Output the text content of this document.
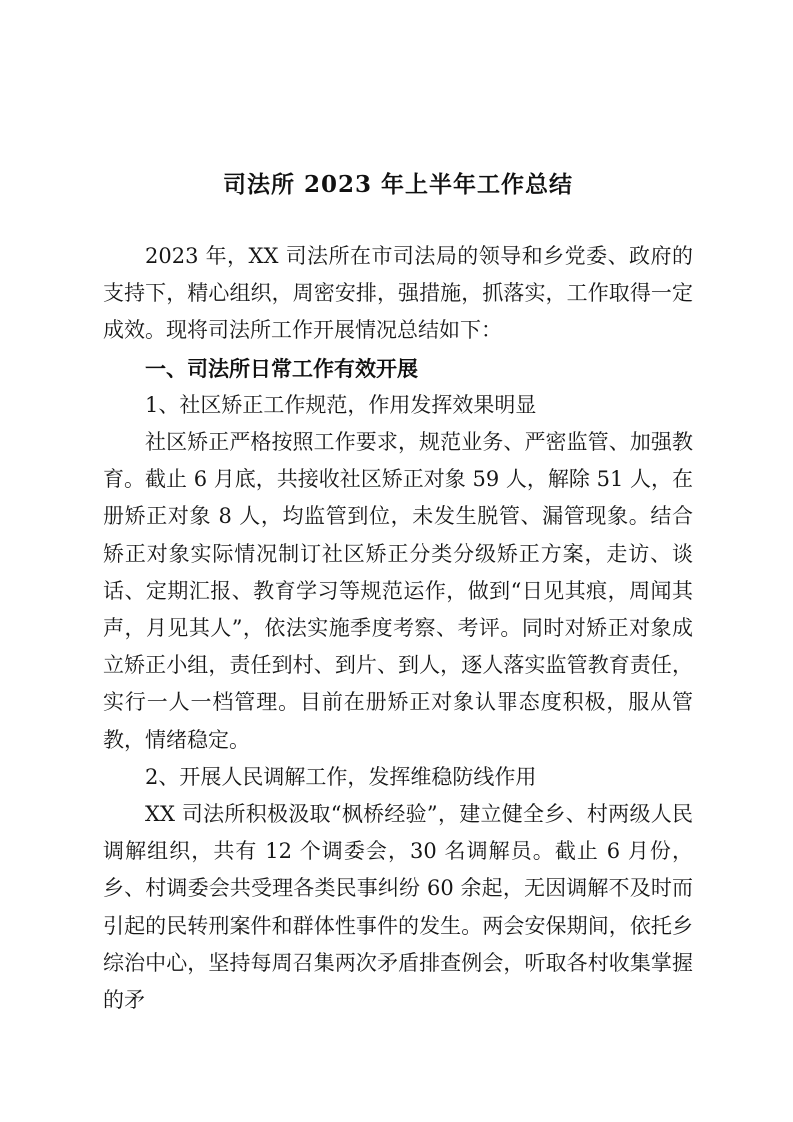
司法所 2023 年上半年工作总结

2023 年，XX 司法所在市司法局的领导和乡党委、政府的支持下，精心组织，周密安排，强措施，抓落实，工作取得一定成效。现将司法所工作开展情况总结如下：

一、司法所日常工作有效开展

1、社区矫正工作规范，作用发挥效果明显

社区矫正严格按照工作要求，规范业务、严密监管、加强教育。截止 6 月底，共接收社区矫正对象 59 人，解除 51 人，在册矫正对象 8 人，均监管到位，未发生脱管、漏管现象。结合矫正对象实际情况制订社区矫正分类分级矫正方案，走访、谈话、定期汇报、教育学习等规范运作，做到“日见其痕，周闻其声，月见其人”，依法实施季度考察、考评。同时对矫正对象成立矫正小组，责任到村、到片、到人，逐人落实监管教育责任，实行一人一档管理。目前在册矫正对象认罪态度积极，服从管教，情绪稳定。

2、开展人民调解工作，发挥维稳防线作用

XX 司法所积极汲取“枫桥经验”，建立健全乡、村两级人民调解组织，共有 12 个调委会，30 名调解员。截止 6 月份，乡、村调委会共受理各类民事纠纷 60 余起，无因调解不及时而引起的民转刑案件和群体性事件的发生。两会安保期间，依托乡综治中心，坚持每周召集两次矛盾排查例会，听取各村收集掌握的矛
